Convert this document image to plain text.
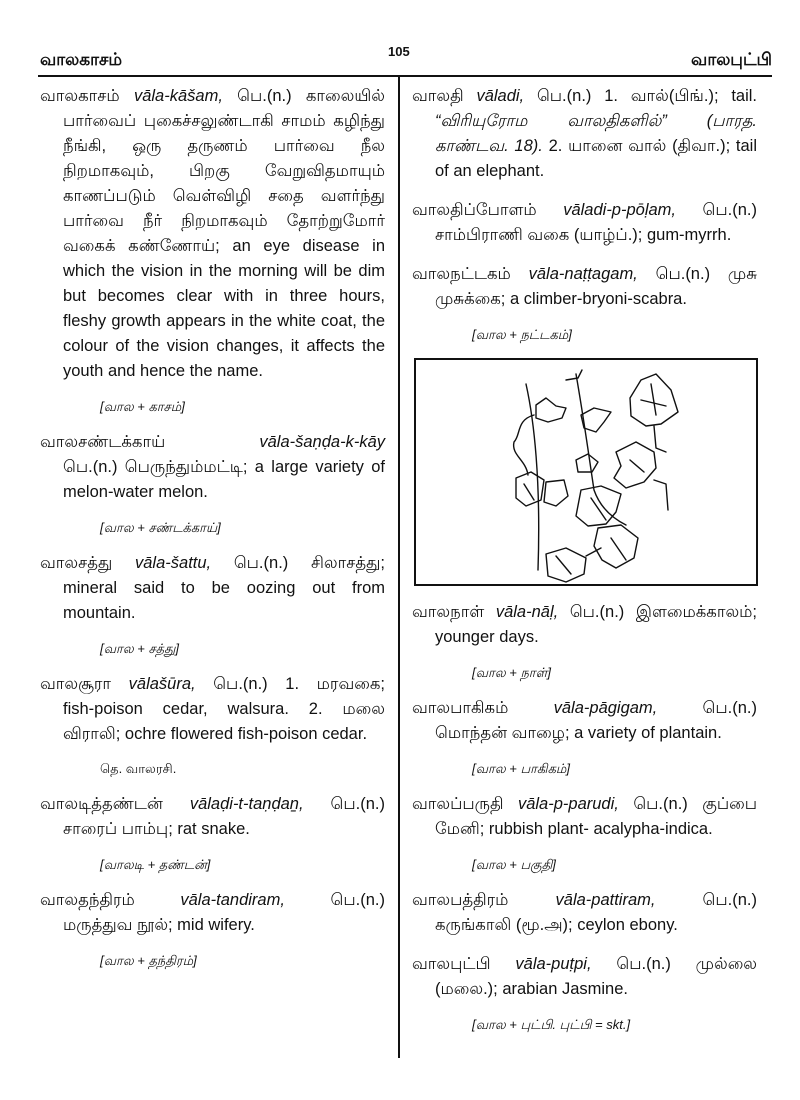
வாலகாசம்	105	வாலபுட்பி
வாலகாசம் vāla-kāšam, பெ.(n.) காலையில்
பார்வைப் புகைச்சலுண்டாகி சாமம் கழிந்து நீங்கி, ஒரு தருணம் பார்வை நீல நிறமாகவும், பிறகு வேறுவிதமாயும் காணப்படும் வெள்விழி சதை வளர்ந்து பார்வை நீர் நிறமாகவும் தோற்றுமோர் வகைக் கண்ணோய்; an eye disease in which the vision in the morning will be dim but becomes clear with in three hours, fleshy growth appears in the white coat, the colour of the vision changes, it affects the youth and hence the name.
[வால + காசம்]
வாலசண்டக்காய்	vāla-šaṇḍa-k-kāy
பெ.(n.) பெருந்தும்மட்டி; a large variety of melon-water melon.
[வால + சண்டக்காய்]
வாலசத்து vāla-šattu, பெ.(n.) சிலாசத்து;
mineral said to be oozing out from mountain.
[வால + சத்து]
வாலசூரா vālašūra, பெ.(n.) 1. மரவகை;
fish-poison cedar, walsura. 2. மலை விராலி; ochre flowered fish-poison cedar.
தெ. வாலரசி.
வாலடித்தண்டன் vālaḍi-t-taṇḍaṉ, பெ.(n.)
சாரைப் பாம்பு; rat snake.
[வாலடி + தண்டன்]
வாலதந்திரம்	vāla-tandiram,	பெ.(n.)
மருத்துவ நூல்; mid wifery.
[வால + தந்திரம்]
வாலதி vāladi, பெ.(n.) 1. வால்(பிங்.); tail.
“விரியுரோம வாலதிகளில்” (பாரத. காண்டவ. 18). 2. யானை வால் (திவா.); tail of an elephant.
வாலதிப்போளம் vāladi-p-pōḷam, பெ.(n.)
சாம்பிராணி வகை (யாழ்ப்.); gum-myrrh.
வாலநட்டகம் vāla-naṭṭagam, பெ.(n.) முசு
முசுக்கை; a climber-bryoni-scabra.
[வால + நட்டகம்]
வாலநாள் vāla-nāḷ, பெ.(n.) இளமைக்காலம்;
younger days.
[வால + நாள்]
வாலபாகிகம்	vāla-pāgigam,	பெ.(n.)
மொந்தன் வாழை; a variety of plantain.
[வால + பாகிகம்]
வாலப்பருதி vāla-p-parudi, பெ.(n.) குப்பை
மேனி; rubbish plant- acalypha-indica.
[வால + பகுதி]
வாலபத்திரம்	vāla-pattiram,	பெ.(n.)
கருங்காலி (மூ.அ); ceylon ebony.
வாலபுட்பி vāla-puṭpi, பெ.(n.) முல்லை
(மலை.); arabian Jasmine.
[வால + புட்பி. புட்பி = skt.]
